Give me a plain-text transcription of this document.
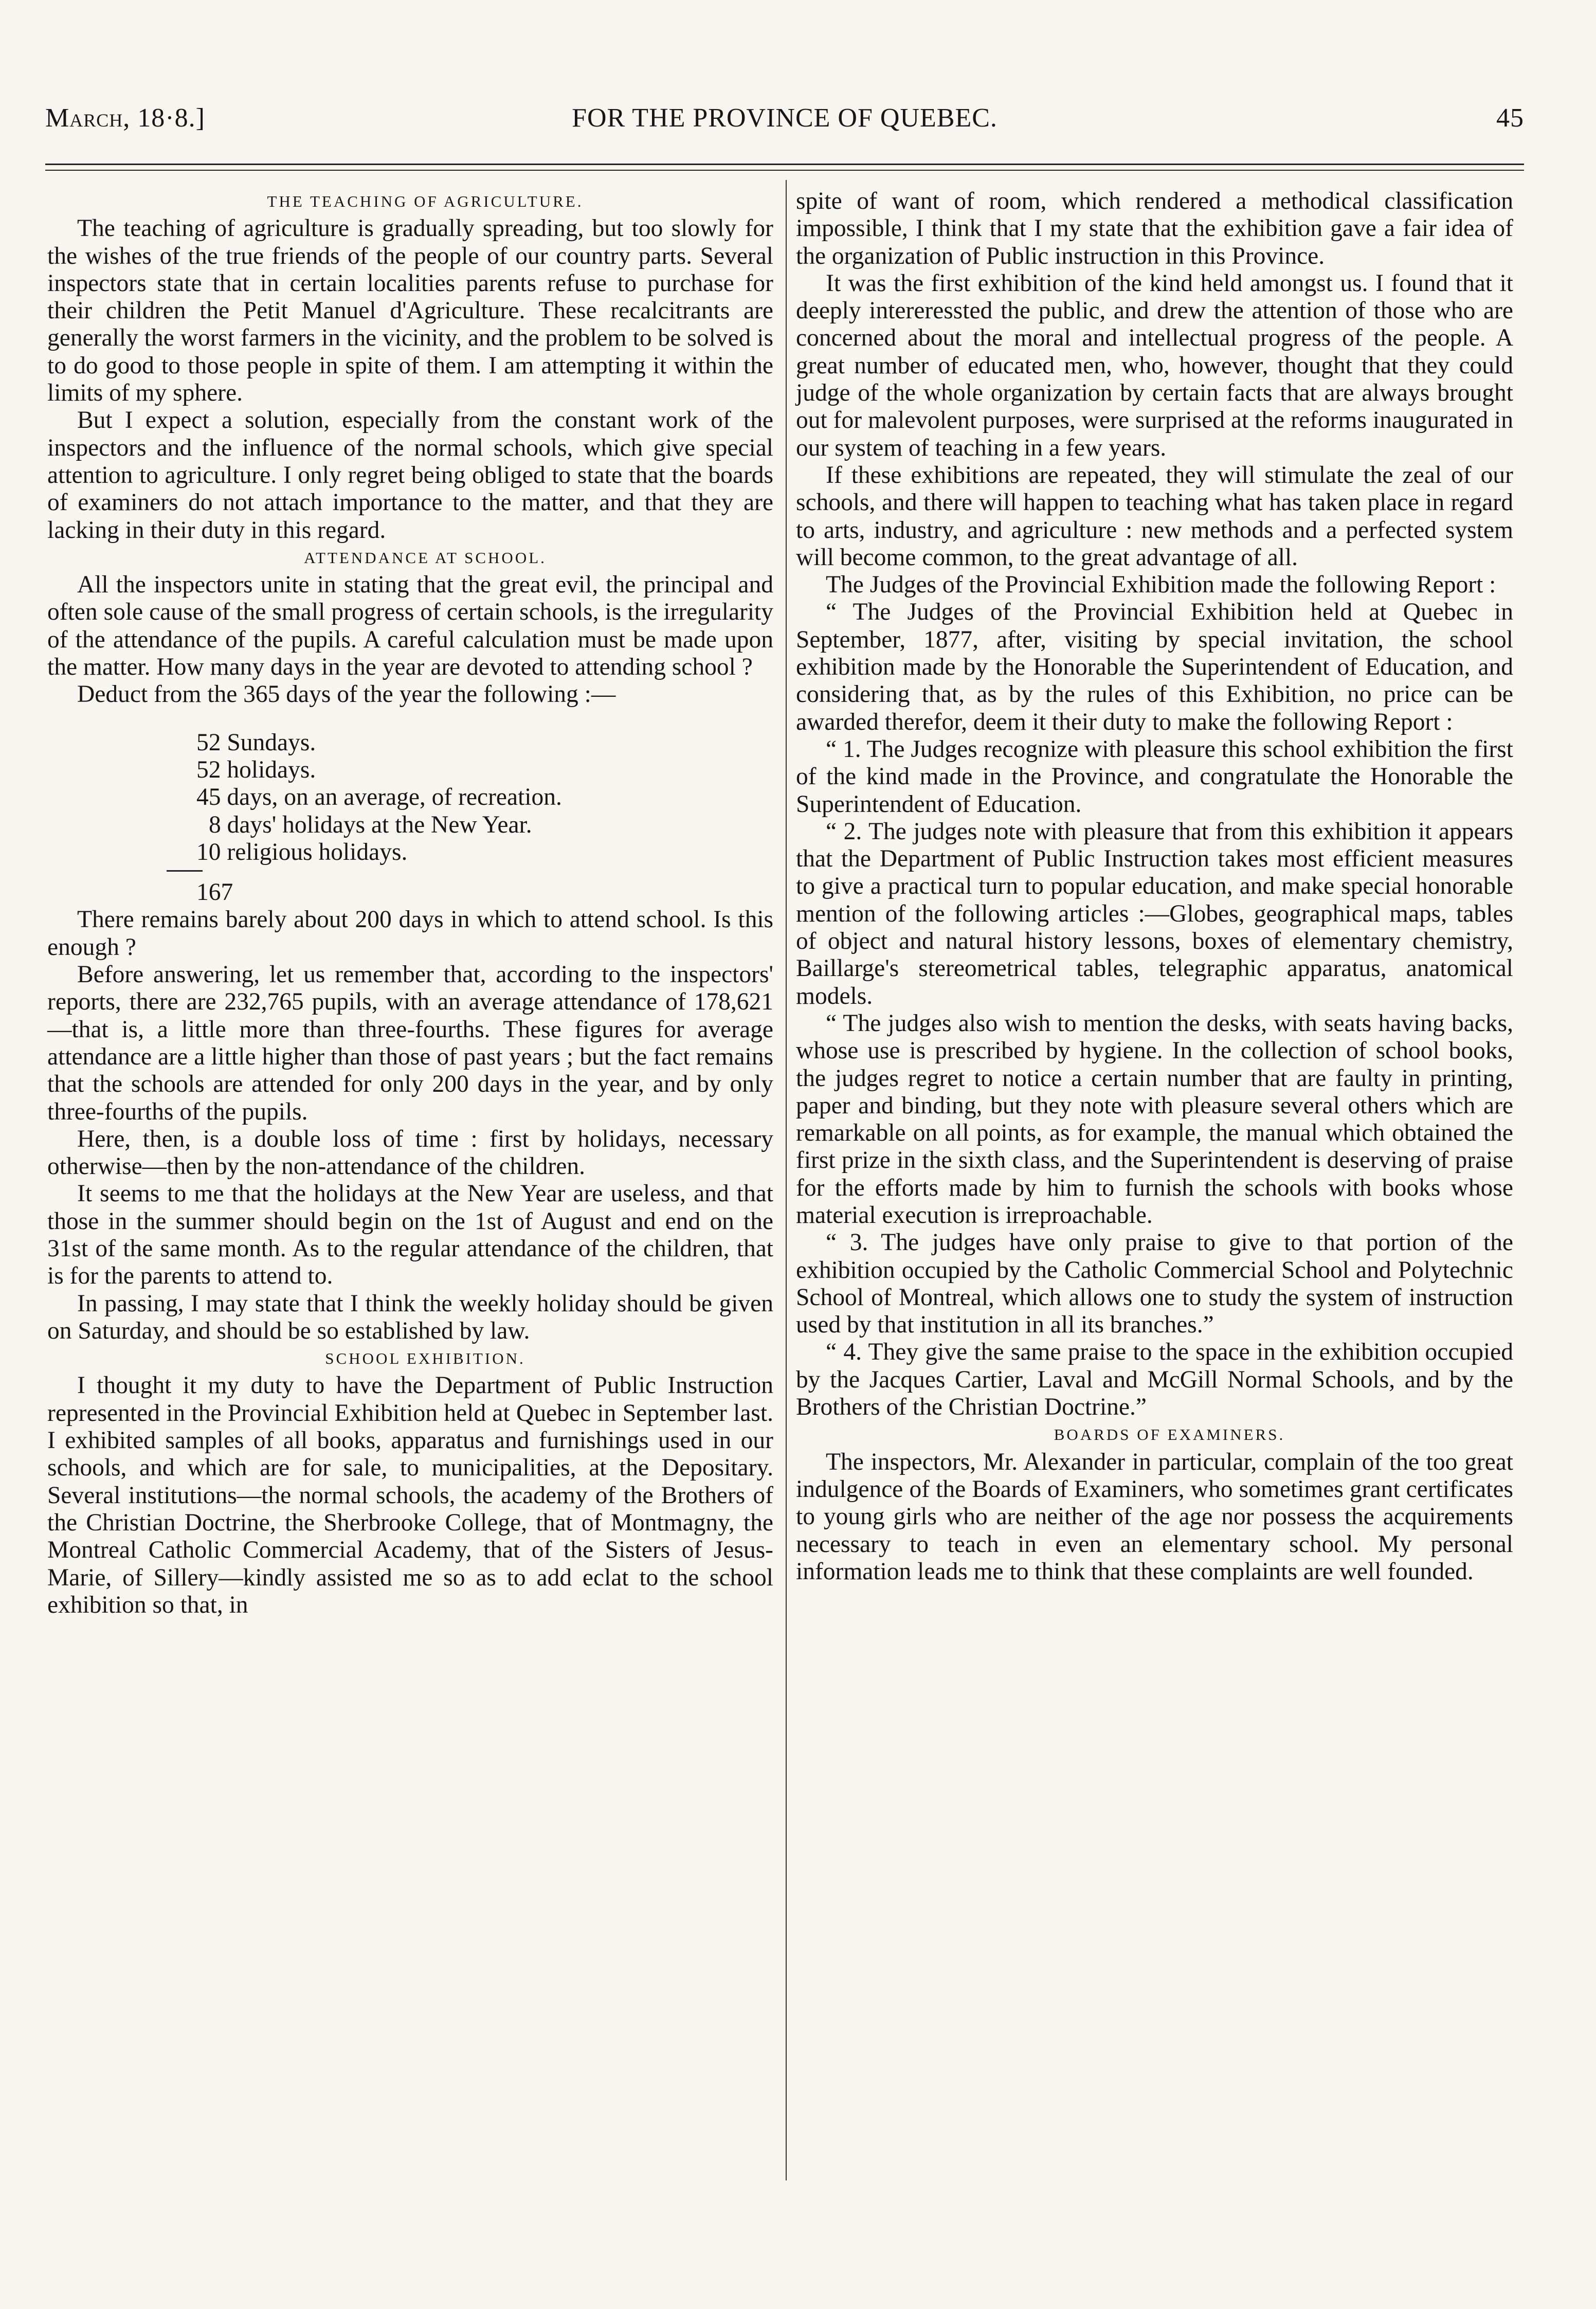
March, 18·8.]	FOR THE PROVINCE OF QUEBEC.	45

THE TEACHING OF AGRICULTURE.

The teaching of agriculture is gradually spreading, but too slowly for the wishes of the true friends of the people of our country parts. Several inspectors state that in certain localities parents refuse to purchase for their children the Petit Manuel d'Agriculture. These recalcitrants are generally the worst farmers in the vicinity, and the problem to be solved is to do good to those people in spite of them. I am attempting it within the limits of my sphere.

But I expect a solution, especially from the constant work of the inspectors and the influence of the normal schools, which give special attention to agriculture. I only regret being obliged to state that the boards of examiners do not attach importance to the matter, and that they are lacking in their duty in this regard.

ATTENDANCE AT SCHOOL.

All the inspectors unite in stating that the great evil, the principal and often sole cause of the small progress of certain schools, is the irregularity of the attendance of the pupils. A careful calculation must be made upon the matter. How many days in the year are devoted to attending school ?

Deduct from the 365 days of the year the following :—

52 Sundays.

52 holidays.

45 days, on an average, of recreation.

8 days' holidays at the New Year.

10 religious holidays.

167

There remains barely about 200 days in which to attend school. Is this enough ?

Before answering, let us remember that, according to the inspectors' reports, there are 232,765 pupils, with an average attendance of 178,621—that is, a little more than three-fourths. These figures for average attendance are a little higher than those of past years ; but the fact remains that the schools are attended for only 200 days in the year, and by only three-fourths of the pupils.

Here, then, is a double loss of time : first by holidays, necessary otherwise—then by the non-attendance of the children.

It seems to me that the holidays at the New Year are useless, and that those in the summer should begin on the 1st of August and end on the 31st of the same month. As to the regular attendance of the children, that is for the parents to attend to.

In passing, I may state that I think the weekly holiday should be given on Saturday, and should be so established by law.

SCHOOL EXHIBITION.

I thought it my duty to have the Department of Public Instruction represented in the Provincial Exhibition held at Quebec in September last. I exhibited samples of all books, apparatus and furnishings used in our schools, and which are for sale, to municipalities, at the Depositary. Several institutions—the normal schools, the academy of the Brothers of the Christian Doctrine, the Sherbrooke College, that of Montmagny, the Montreal Catholic Commercial Academy, that of the Sisters of Jesus-Marie, of Sillery—kindly assisted me so as to add eclat to the school exhibition so that, in

spite of want of room, which rendered a methodical classification impossible, I think that I my state that the exhibition gave a fair idea of the organization of Public instruction in this Province.

It was the first exhibition of the kind held amongst us. I found that it deeply intereressted the public, and drew the attention of those who are concerned about the moral and intellectual progress of the people. A great number of educated men, who, however, thought that they could judge of the whole organization by certain facts that are always brought out for malevolent purposes, were surprised at the reforms inaugurated in our system of teaching in a few years.

If these exhibitions are repeated, they will stimulate the zeal of our schools, and there will happen to teaching what has taken place in regard to arts, industry, and agriculture : new methods and a perfected system will become common, to the great advantage of all.

The Judges of the Provincial Exhibition made the following Report :

“ The Judges of the Provincial Exhibition held at Quebec in September, 1877, after, visiting by special invitation, the school exhibition made by the Honorable the Superintendent of Education, and considering that, as by the rules of this Exhibition, no price can be awarded therefor, deem it their duty to make the following Report :

“ 1. The Judges recognize with pleasure this school exhibition the first of the kind made in the Province, and congratulate the Honorable the Superintendent of Education.

“ 2. The judges note with pleasure that from this exhibition it appears that the Department of Public Instruction takes most efficient measures to give a practical turn to popular education, and make special honorable mention of the following articles :—Globes, geographical maps, tables of object and natural history lessons, boxes of elementary chemistry, Baillarge's stereometrical tables, telegraphic apparatus, anatomical models.

“ The judges also wish to mention the desks, with seats having backs, whose use is prescribed by hygiene. In the collection of school books, the judges regret to notice a certain number that are faulty in printing, paper and binding, but they note with pleasure several others which are remarkable on all points, as for example, the manual which obtained the first prize in the sixth class, and the Superintendent is deserving of praise for the efforts made by him to furnish the schools with books whose material execution is irreproachable.

“ 3. The judges have only praise to give to that portion of the exhibition occupied by the Catholic Commercial School and Polytechnic School of Montreal, which allows one to study the system of instruction used by that institution in all its branches.”

“ 4. They give the same praise to the space in the exhibition occupied by the Jacques Cartier, Laval and McGill Normal Schools, and by the Brothers of the Christian Doctrine.”

BOARDS OF EXAMINERS.

The inspectors, Mr. Alexander in particular, complain of the too great indulgence of the Boards of Examiners, who sometimes grant certificates to young girls who are neither of the age nor possess the acquirements necessary to teach in even an elementary school. My personal information leads me to think that these complaints are well founded.
